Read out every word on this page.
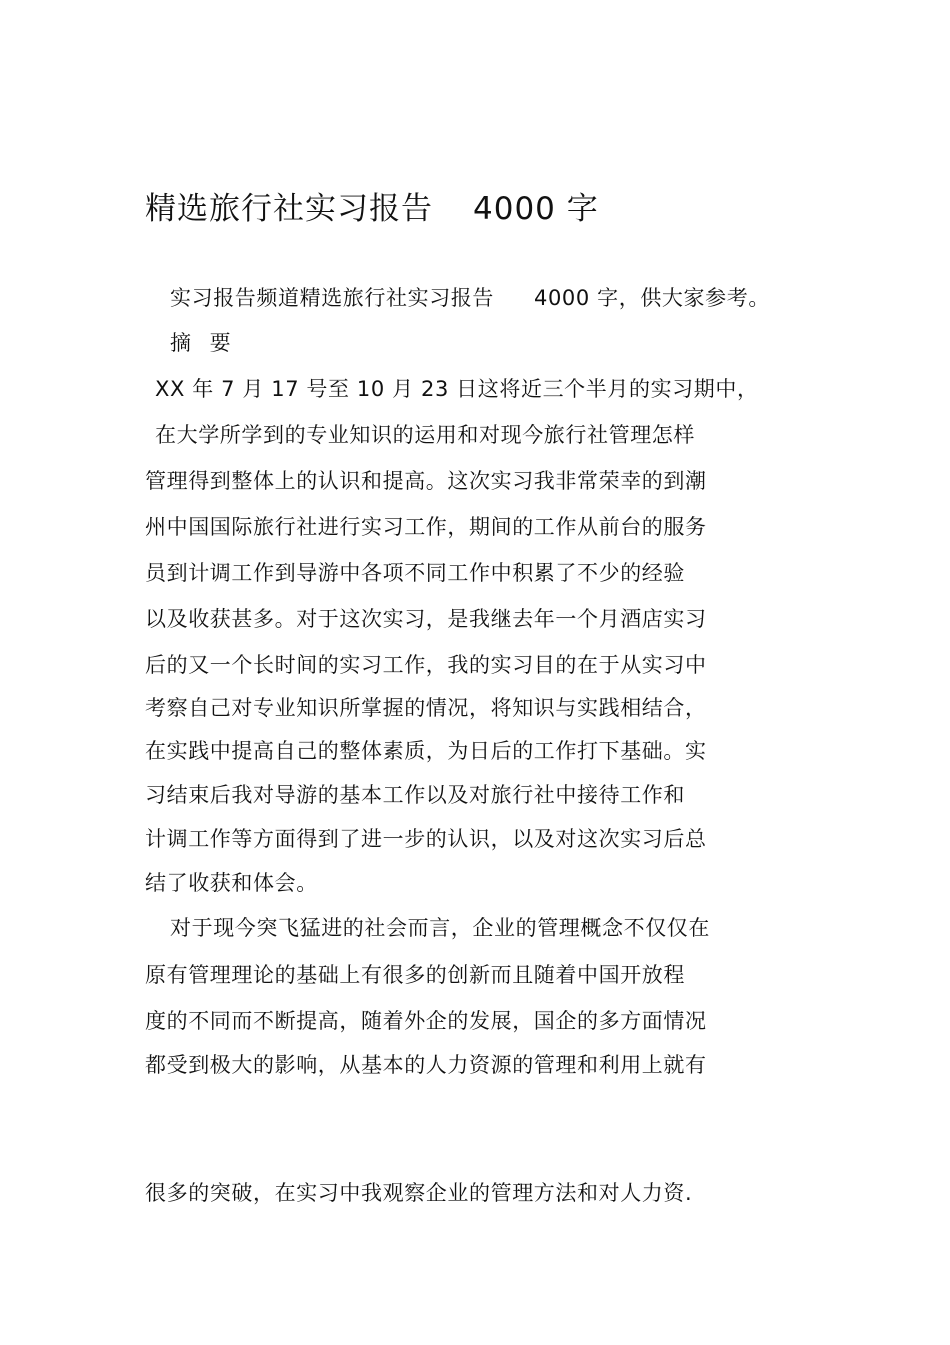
精选旅行社实习报告 4000 字
实习报告频道精选旅行社实习报告 4000 字，供大家参考。
摘 要
XX 年 7 月 17 号至 10 月 23 日这将近三个半月的实习期中，
在大学所学到的专业知识的运用和对现今旅行社管理怎样
管理得到整体上的认识和提高。这次实习我非常荣幸的到潮
州中国国际旅行社进行实习工作，期间的工作从前台的服务
员到计调工作到导游中各项不同工作中积累了不少的经验
以及收获甚多。对于这次实习，是我继去年一个月酒店实习
后的又一个长时间的实习工作，我的实习目的在于从实习中
考察自己对专业知识所掌握的情况，将知识与实践相结合，
在实践中提高自己的整体素质，为日后的工作打下基础。实
习结束后我对导游的基本工作以及对旅行社中接待工作和
计调工作等方面得到了进一步的认识，以及对这次实习后总
结了收获和体会。
对于现今突飞猛进的社会而言，企业的管理概念不仅仅在
原有管理理论的基础上有很多的创新而且随着中国开放程
度的不同而不断提高，随着外企的发展，国企的多方面情况
都受到极大的影响，从基本的人力资源的管理和利用上就有
很多的突破，在实习中我观察企业的管理方法和对人力资.
